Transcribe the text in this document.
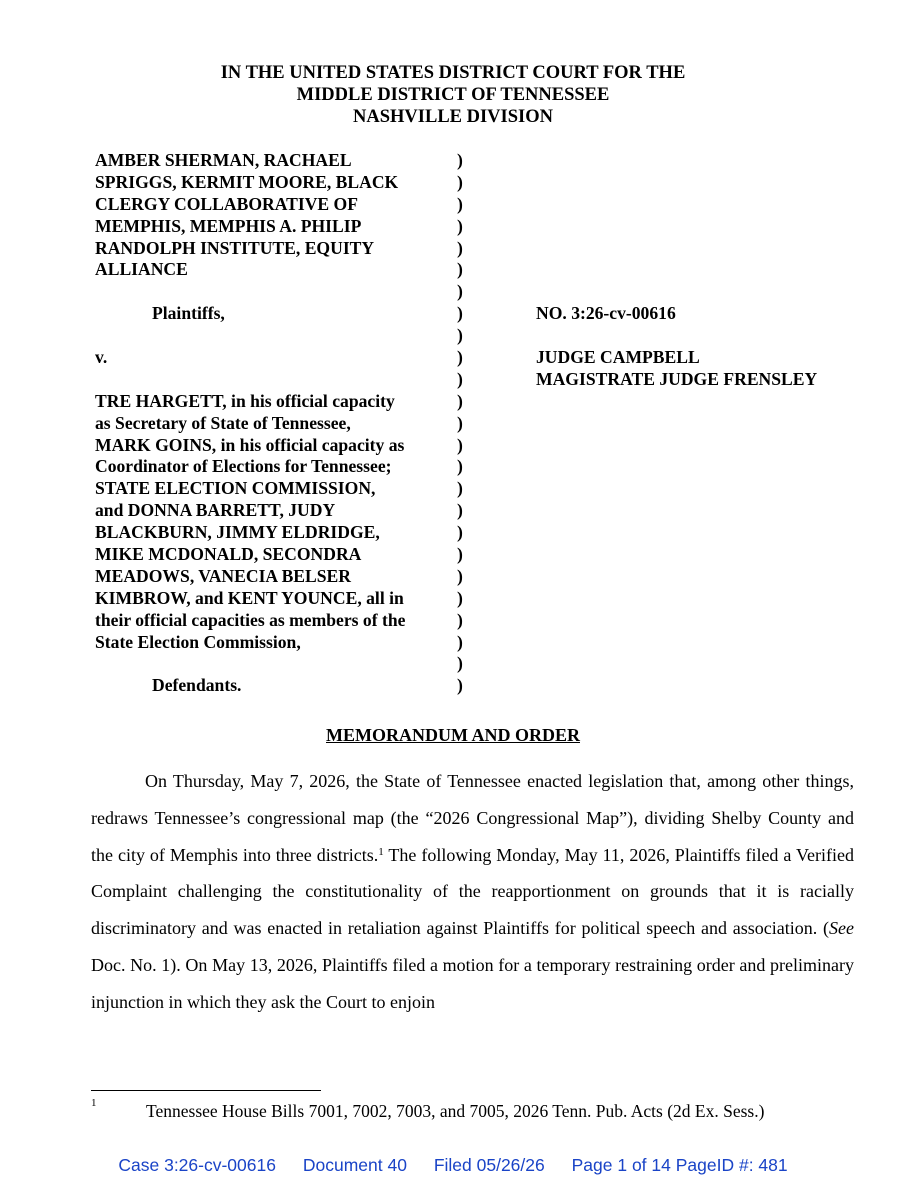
IN THE UNITED STATES DISTRICT COURT FOR THE
MIDDLE DISTRICT OF TENNESSEE
NASHVILLE DIVISION
AMBER SHERMAN, RACHAEL
SPRIGGS, KERMIT MOORE, BLACK
CLERGY COLLABORATIVE OF
MEMPHIS, MEMPHIS A. PHILIP
RANDOLPH INSTITUTE, EQUITY
ALLIANCE
Plaintiffs,
v.
TRE HARGETT, in his official capacity
as Secretary of State of Tennessee,
MARK GOINS, in his official capacity as
Coordinator of Elections for Tennessee;
STATE ELECTION COMMISSION,
and DONNA BARRETT, JUDY
BLACKBURN, JIMMY ELDRIDGE,
MIKE MCDONALD, SECONDRA
MEADOWS, VANECIA BELSER
KIMBROW, and KENT YOUNCE, all in
their official capacities as members of the
State Election Commission,
Defendants.
)
)
)
)
)
)
)
)
)
)
)
)
)
)
)
)
)
)
)
)
)
)
)
)
)
NO. 3:26-cv-00616
JUDGE CAMPBELL
MAGISTRATE JUDGE FRENSLEY
MEMORANDUM AND ORDER

On Thursday, May 7, 2026, the State of Tennessee enacted legislation that, among other things, redraws Tennessee’s congressional map (the “2026 Congressional Map”), dividing Shelby County and the city of Memphis into three districts.$^1$ The following Monday, May 11, 2026, Plaintiffs filed a Verified Complaint challenging the constitutionality of the reapportionment on grounds that it is racially discriminatory and was enacted in retaliation against Plaintiffs for political speech and association. (See Doc. No. 1). On May 13, 2026, Plaintiffs filed a motion for a temporary restraining order and preliminary injunction in which they ask the Court to enjoin

1	Tennessee House Bills 7001, 7002, 7003, and 7005, 2026 Tenn. Pub. Acts (2d Ex. Sess.)
Case 3:26-cv-00616 Document 40 Filed 05/26/26 Page 1 of 14 PageID #: 481
